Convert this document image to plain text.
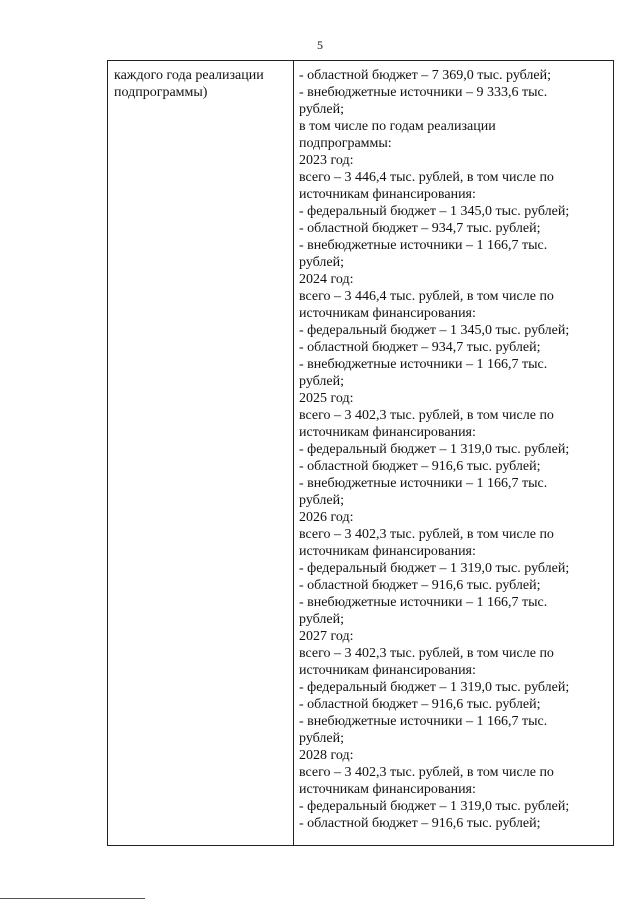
5
каждого года реализации
подпрограммы)
- областной бюджет – 7 369,0 тыс. рублей;
- внебюджетные источники – 9 333,6 тыс.
рублей;
в том числе по годам реализации
подпрограммы:
2023 год:
всего – 3 446,4 тыс. рублей, в том числе по
источникам финансирования:
- федеральный бюджет – 1 345,0 тыс. рублей;
- областной бюджет – 934,7 тыс. рублей;
- внебюджетные источники – 1 166,7 тыс.
рублей;
2024 год:
всего – 3 446,4 тыс. рублей, в том числе по
источникам финансирования:
- федеральный бюджет – 1 345,0 тыс. рублей;
- областной бюджет – 934,7 тыс. рублей;
- внебюджетные источники – 1 166,7 тыс.
рублей;
2025 год:
всего – 3 402,3 тыс. рублей, в том числе по
источникам финансирования:
- федеральный бюджет – 1 319,0 тыс. рублей;
- областной бюджет – 916,6 тыс. рублей;
- внебюджетные источники – 1 166,7 тыс.
рублей;
2026 год:
всего – 3 402,3 тыс. рублей, в том числе по
источникам финансирования:
- федеральный бюджет – 1 319,0 тыс. рублей;
- областной бюджет – 916,6 тыс. рублей;
- внебюджетные источники – 1 166,7 тыс.
рублей;
2027 год:
всего – 3 402,3 тыс. рублей, в том числе по
источникам финансирования:
- федеральный бюджет – 1 319,0 тыс. рублей;
- областной бюджет – 916,6 тыс. рублей;
- внебюджетные источники – 1 166,7 тыс.
рублей;
2028 год:
всего – 3 402,3 тыс. рублей, в том числе по
источникам финансирования:
- федеральный бюджет – 1 319,0 тыс. рублей;
- областной бюджет – 916,6 тыс. рублей;
